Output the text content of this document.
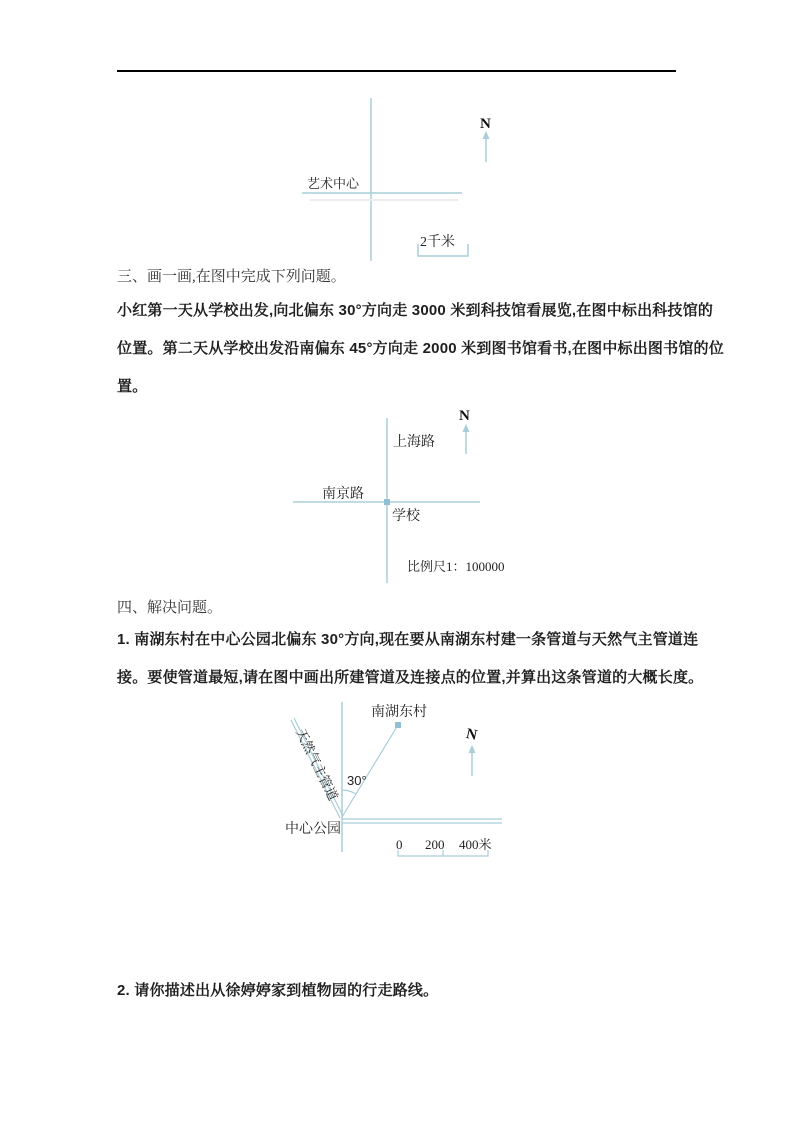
艺术中心
N
2千米
三、画一画,在图中完成下列问题。
小红第一天从学校出发,向北偏东 30°方向走 3000 米到科技馆看展览,在图中标出科技馆的
位置。第二天从学校出发沿南偏东 45°方向走 2000 米到图书馆看书,在图中标出图书馆的位
置。
上海路
南京路
学校
N
比例尺1：100000
四、解决问题。
1. 南湖东村在中心公园北偏东 30°方向,现在要从南湖东村建一条管道与天然气主管道连
接。要使管道最短,请在图中画出所建管道及连接点的位置,并算出这条管道的大概长度。
南湖东村
天然气主管道 30°
中心公园
N
0 200 400米
2. 请你描述出从徐婷婷家到植物园的行走路线。
